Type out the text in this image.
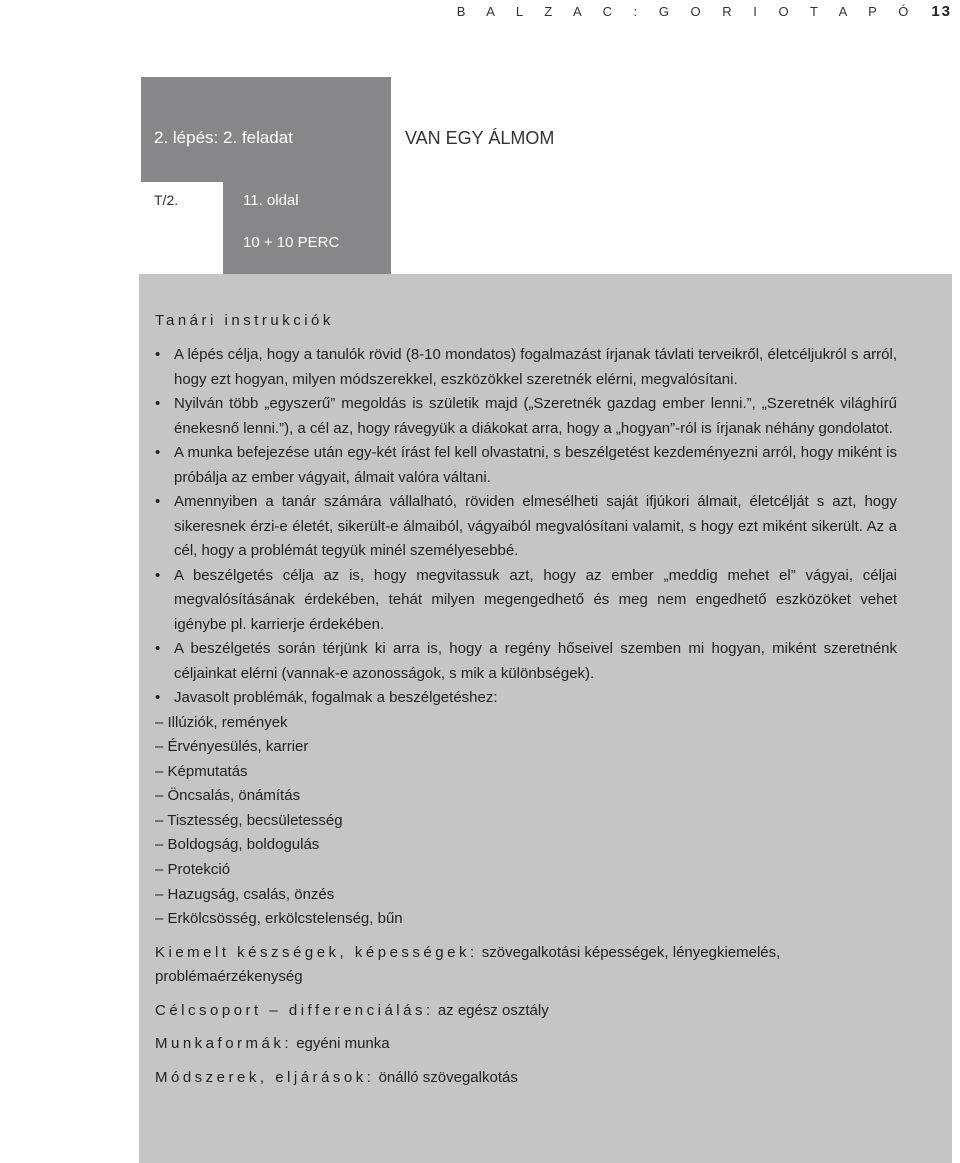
B A L Z A C : G O R I O T A P Ó 13
2. lépés: 2. feladat	VAN EGY ÁLMOM
T/2.	11. oldal
10 + 10 PERC
Tanári instrukciók
• A lépés célja, hogy a tanulók rövid (8-10 mondatos) fogalmazást írjanak távlati terveikről, életcéljukról s arról, hogy ezt hogyan, milyen módszerekkel, eszközökkel szeretnék elérni, megvalósítani.
• Nyilván több „egyszerű” megoldás is születik majd („Szeretnék gazdag ember lenni.”, „Szeretnék világhírű énekesnő lenni.”), a cél az, hogy rávegyük a diákokat arra, hogy a „hogyan”-ról is írjanak néhány gondolatot.
• A munka befejezése után egy-két írást fel kell olvastatni, s beszélgetést kezdeményezni arról, hogy miként is próbálja az ember vágyait, álmait valóra váltani.
• Amennyiben a tanár számára vállalható, röviden elmesélheti saját ifjúkori álmait, életcélját s azt, hogy sikeresnek érzi-e életét, sikerült-e álmaiból, vágyaiból megvalósítani valamit, s hogy ezt miként sikerült. Az a cél, hogy a problémát tegyük minél személyesebbé.
• A beszélgetés célja az is, hogy megvitassuk azt, hogy az ember „meddig mehet el” vágyai, céljai megvalósításának érdekében, tehát milyen megengedhető és meg nem engedhető eszközöket vehet igénybe pl. karrierje érdekében.
• A beszélgetés során térjünk ki arra is, hogy a regény hőseivel szemben mi hogyan, miként szeretnénk céljainkat elérni (vannak-e azonosságok, s mik a különbségek).
• Javasolt problémák, fogalmak a beszélgetéshez:
– Illúziók, remények
– Érvényesülés, karrier
– Képmutatás
– Öncsalás, önámítás
– Tisztesség, becsületesség
– Boldogság, boldogulás
– Protekció
– Hazugság, csalás, önzés
– Erkölcsösség, erkölcstelenség, bűn
Kiemelt készségek, képességek: szövegalkotási képességek, lényegkiemelés, problémaérzékenység
Célcsoport – differenciálás: az egész osztály
Munkaformák: egyéni munka
Módszerek, eljárások: önálló szövegalkotás
